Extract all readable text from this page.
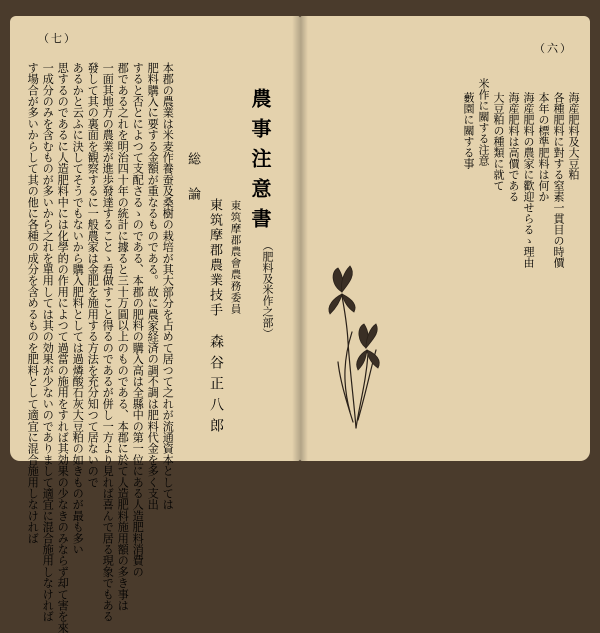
（七）
農事注意書
（肥料及米作之部）
東筑摩郡農會農務委員
東筑摩郡農業技手
森谷正八郎
総論
本郡の農業は米麦作養蚕及桑樹の栽培が其大部分を占めて居つて之れが流通資本としては
肥料購入に要する金額が重なるものである。故に農家経済の調不調は肥料代金を多く支出
すると否とによつて支配さるゝのである、本郡の肥料の購入高は全縣中の第一位にある人造肥料消費の
郡である之れを明治四十年の統計に據ると三十万圓以上のものである、本郡に於て人造肥料施用額の多き事は
一面其地方の農業が進歩發達することゝ看做すこと得るのであるが併し一方より見れば喜んで居る現象でもある
發して其の裏面を観察するに一般農家は金肥を施用する方法を充分知つて居ないので
あるかと云ふに決してそうでもないから購入肥料としては過燐酸石灰大豆粕の如きものが最も多い
思するのであるに人造肥料中には化學的の作用によつて過當の施用をすれば其効果の少なきのみならず却て害を來
一成分のみを含むものが多いから之れを單用しては其の効果が少ないのでありまして適宜に混合施用しなければ
す場合が多いからして其の他に各種の成分を含めるものを肥料として適宜に混合施用しなければ
（六）
海産肥料及大豆粕
各種肥料に對する窒素一貫目の時價
本年の標準肥料は何か
海産肥料の農家に歡迎せらるゝ理由
海産肥料は高價である
大豆粕の種類に就て
米作に關する注意
藪園に關する事
